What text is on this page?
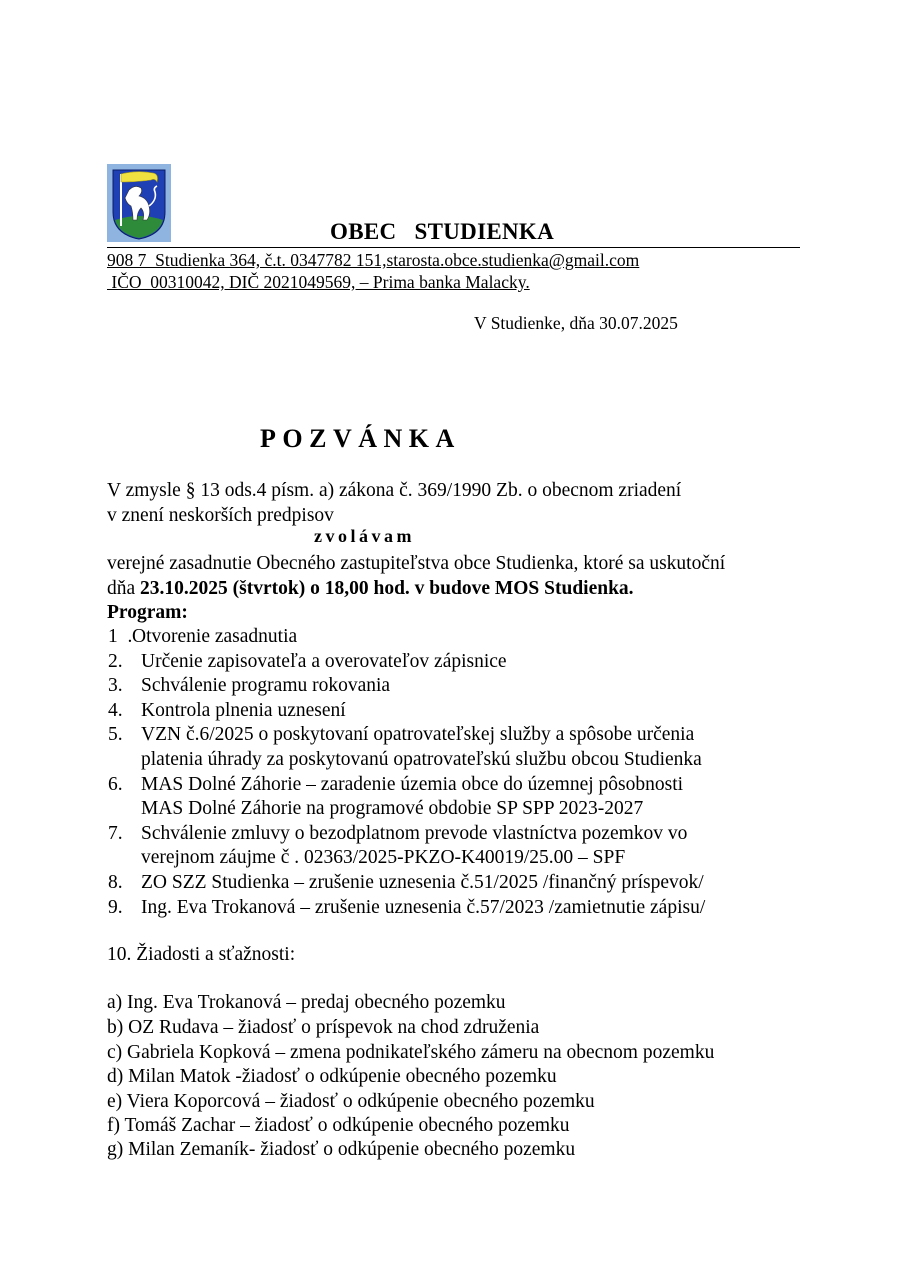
OBEC   STUDIENKA
908 7  Studienka 364, č.t. 0347782 151,starosta.obce.studienka@gmail.com
IČO  00310042, DIČ 2021049569, – Prima banka Malacky.
V Studienke, dňa 30.07.2025
POZVÁNKA
V zmysle § 13 ods.4 písm. a) zákona č. 369/1990 Zb. o obecnom zriadení
v znení neskorších predpisov
zvolávam
verejné zasadnutie Obecného zastupiteľstva obce Studienka, ktoré sa uskutoční
dňa 23.10.2025 (štvrtok) o 18,00 hod. v budove MOS Studienka.
Program:
1  . Otvorenie zasadnutia
2. Určenie zapisovateľa a overovateľov zápisnice
3. Schválenie programu rokovania
4. Kontrola plnenia uznesení
5. VZN č.6/2025 o poskytovaní opatrovateľskej služby a spôsobe určenia
platenia úhrady za poskytovanú opatrovateľskú službu obcou Studienka
6. MAS Dolné Záhorie – zaradenie územia obce do územnej pôsobnosti
MAS Dolné Záhorie na programové obdobie SP SPP 2023-2027
7. Schválenie zmluvy o bezodplatnom prevode vlastníctva pozemkov vo
verejnom záujme č . 02363/2025-PKZO-K40019/25.00 – SPF
8. ZO SZZ Studienka – zrušenie uznesenia č.51/2025 /finančný príspevok/
9. Ing. Eva Trokanová – zrušenie uznesenia č.57/2023 /zamietnutie zápisu/
10. Žiadosti a sťažnosti:
a) Ing. Eva Trokanová – predaj obecného pozemku
b) OZ Rudava – žiadosť o príspevok na chod združenia
c) Gabriela Kopková – zmena podnikateľského zámeru na obecnom pozemku
d) Milan Matok -žiadosť o odkúpenie obecného pozemku
e) Viera Koporcová – žiadosť o odkúpenie obecného pozemku
f) Tomáš Zachar – žiadosť o odkúpenie obecného pozemku
g) Milan Zemaník- žiadosť o odkúpenie obecného pozemku
